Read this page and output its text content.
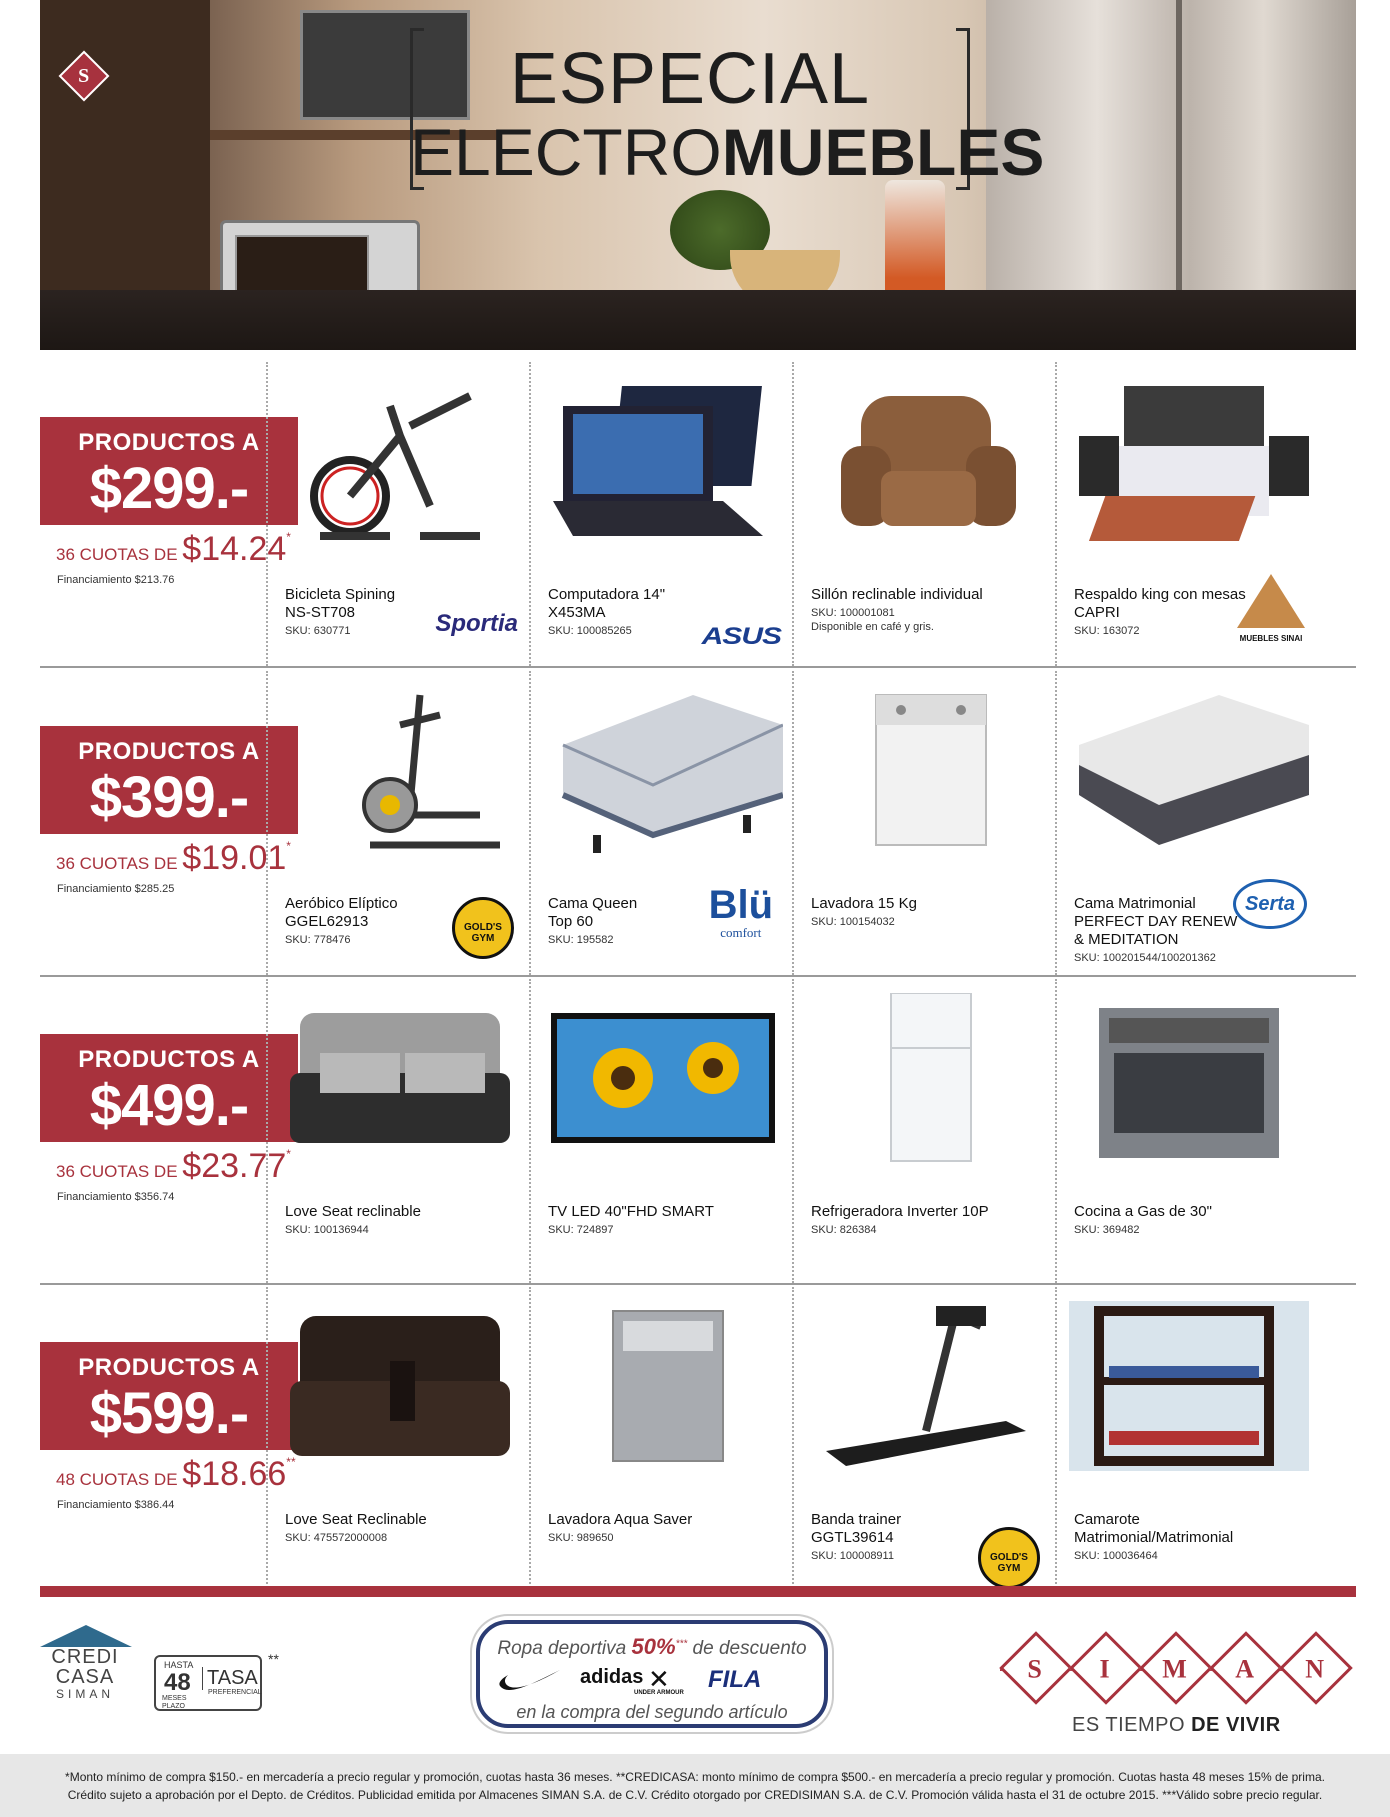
ESPECIAL
ELECTROMUEBLES
S
PRODUCTOS A
$299.-
36 CUOTAS DE $14.24*
Financiamiento $213.76
Bicicleta Spining
NS-ST708
SKU: 630771	Sportia
Computadora 14"
X453MA
SKU: 100085265	ASUS
Sillón reclinable individual
SKU: 100001081
Disponible en café y gris.
Respaldo king con mesas
CAPRI
SKU: 163072
MUEBLES SINAI
PRODUCTOS A
$399.-
36 CUOTAS DE $19.01*
Financiamiento $285.25
Aeróbico Elíptico
GGEL62913
SKU: 778476
GOLD'S GYM
Cama Queen
Top 60
SKU: 195582
Blü
comfort
Lavadora 15 Kg
SKU: 100154032
Cama Matrimonial
PERFECT DAY RENEW
& MEDITATION
SKU: 100201544/100201362
Serta
PRODUCTOS A
$499.-
36 CUOTAS DE $23.77*
Financiamiento $356.74
Love Seat reclinable
SKU: 100136944
TV LED 40"FHD SMART
SKU: 724897
Refrigeradora Inverter 10P
SKU: 826384
Cocina a Gas de 30"
SKU: 369482
PRODUCTOS A
$599.-
48 CUOTAS DE $18.66**
Financiamiento $386.44
Love Seat Reclinable
SKU: 475572000008
Lavadora Aqua Saver
SKU: 989650
Banda trainer
GGTL39614
SKU: 100008911	GOLD'S GYM
Camarote
Matrimonial/Matrimonial
SKU: 100036464
CREDI
CASA
SIMAN
HASTA
48
MESES
PLAZO
TASA
PREFERENCIAL
**	Ropa deportiva 50%*** de descuento
adidas ✕
UNDER ARMOUR FILA
en la compra del segundo artículo
S	I	M	A	N
ES TIEMPO DE VIVIR
*Monto mínimo de compra $150.- en mercadería a precio regular y promoción, cuotas hasta 36 meses. **CREDICASA: monto mínimo de compra $500.- en mercadería a precio regular y promoción. Cuotas hasta 48 meses 15% de prima.
Crédito sujeto a aprobación por el Depto. de Créditos. Publicidad emitida por Almacenes SIMAN S.A. de C.V. Crédito otorgado por CREDISIMAN S.A. de C.V. Promoción válida hasta el 31 de octubre 2015. ***Válido sobre precio regular.
